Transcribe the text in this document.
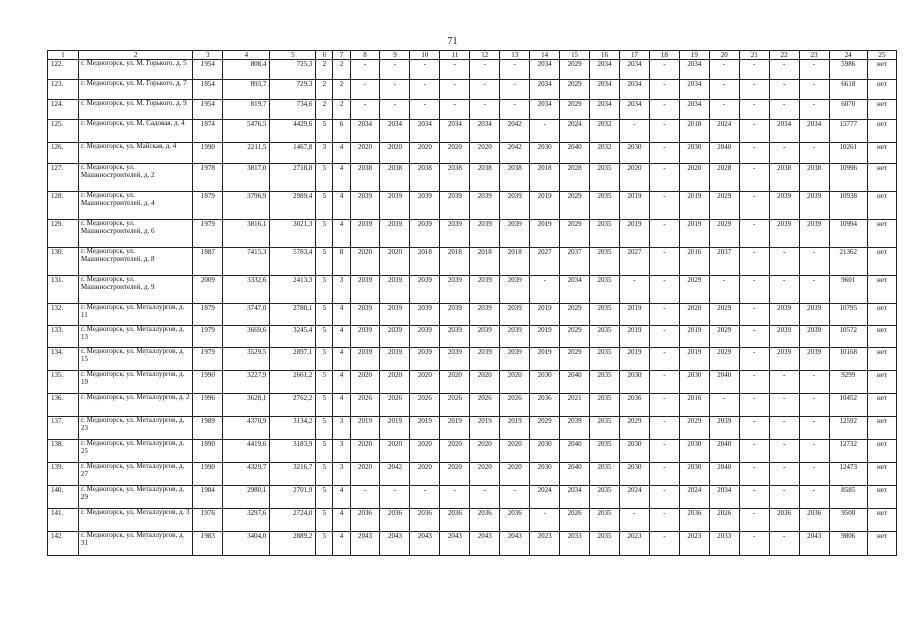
71
1	2	3	4	5	6	7	8	9	10	11	12	13	14	15	16	17	18	19	20	21	22	23	24	25
122.	г. Медногорск, ул. М. Горького, д. 5	1954	808,4	725,3	2	2	-	-	-	-	-	-	2034	2029	2034	2034	-	2034	-	-	-	-	5986	нет
123.	г. Медногорск, ул. М. Горького, д. 7	1954	893,7	729,3	2	2	-	-	-	-	-	-	2034	2029	2034	2034	-	2034	-	-	-	-	6618	нет
124.	г. Медногорск, ул. М. Горького, д. 9	1954	819,7	734,6	2	2	-	-	-	-	-	-	2034	2029	2034	2034	-	2034	-	-	-	-	6070	нет
125.	г. Медногорск, ул. М. Садовая, д. 4	1974	5476,5	4429,6	5	6	2034	2034	2034	2034	2034	2042	-	2024	2032	-	-	2018	2024	-	2034	2034	15777	нет
126.	г. Медногорск, ул. Майская, д. 4	1990	2211,5	1467,8	3	4	2020	2020	2020	2020	2020	2042	2030	2040	2032	2030	-	2030	2040	-	-	-	10261	нет
127.	г. Медногорск, ул. Машиностроителей, д. 2	1978	3817,0	2718,8	5	4	2038	2038	2038	2038	2038	2038	2018	2028	2035	2020	-	2020	2028	-	2038	2038	10996	нет
128.	г. Медногорск, ул. Машиностроителей, д. 4	1979	3796,9	2989,4	5	4	2039	2039	2039	2039	2039	2039	2019	2029	2035	2019	-	2019	2029	-	2039	2039	10938	нет
129.	г. Медногорск, ул. Машиностроителей, д. 6	1979	3816,1	3021,3	5	4	2039	2039	2039	2039	2039	2039	2019	2029	2035	2019	-	2019	2029	-	2039	2039	10994	нет
130.	г. Медногорск, ул. Машиностроителей, д. 8	1987	7415,3	5783,4	5	8	2020	2020	2018	2018	2018	2018	2027	2037	2035	2027	-	2016	2037	-	-	-	21362	нет
131.	г. Медногорск, ул. Машиностроителей, д. 9	2009	3332,6	2413,3	5	3	2039	2039	2039	2039	2039	2039	-	2034	2035	-	-	2029	-	-	-	-	9601	нет
132.	г. Медногорск, ул. Металлургов, д. 11	1979	3747,0	2780,1	5	4	2039	2039	2039	2039	2039	2039	2019	2029	2035	2019	-	2020	2029	-	2039	2039	10795	нет
133.	г. Медногорск, ул. Металлургов, д. 13	1979	3669,6	3245,4	5	4	2039	2039	2039	2039	2039	2039	2019	2029	2035	2019	-	2019	2029	-	2039	2039	10572	нет
134.	г. Медногорск, ул. Металлургов, д. 15	1979	3529,5	2897,1	5	4	2039	2039	2039	2039	2039	2039	2019	2029	2035	2019	-	2019	2029	-	2039	2039	10168	нет
135.	г. Медногорск, ул. Металлургов, д. 19	1990	3227,9	2661,2	5	4	2020	2020	2020	2020	2020	2020	2030	2040	2035	2030	-	2030	2040	-	-	-	9299	нет
136.	г. Медногорск, ул. Металлургов, д. 2	1996	3628,1	2762,2	5	4	2026	2026	2026	2026	2026	2026	2036	2021	2035	2036	-	2016	-	-	-	-	10452	нет
137.	г. Медногорск, ул. Металлургов, д. 23	1989	4370,9	3134,2	5	3	2019	2019	2019	2019	2019	2019	2029	2039	2035	2029	-	2029	2039	-	-	-	12592	нет
138.	г. Медногорск, ул. Металлургов, д. 25	1990	4419,6	3183,9	5	3	2020	2020	2020	2020	2020	2020	2030	2040	2035	2030	-	2030	2040	-	-	-	12732	нет
139.	г. Медногорск, ул. Металлургов, д. 27	1990	4329,7	3216,7	5	3	2020	2042	2020	2020	2020	2020	2030	2040	2035	2030	-	2030	2040	-	-	-	12473	нет
140.	г. Медногорск, ул. Металлургов, д. 29	1984	2980,1	2701,9	5	4	-	-	-	-	-	-	2024	2034	2035	2024	-	2024	2034	-	-	-	8585	нет
141.	г. Медногорск, ул. Металлургов, д. 3	1976	3297,6	2724,0	5	4	2036	2036	2036	2036	2036	2036	-	2026	2035	-	-	2036	2026	-	2036	2036	9500	нет
142.	г. Медногорск, ул. Металлургов, д. 31	1983	3404,0	2889,2	5	4	2043	2043	2043	2043	2043	2043	2023	2033	2035	2023	-	2023	2033	-	-	2043	9806	нет
